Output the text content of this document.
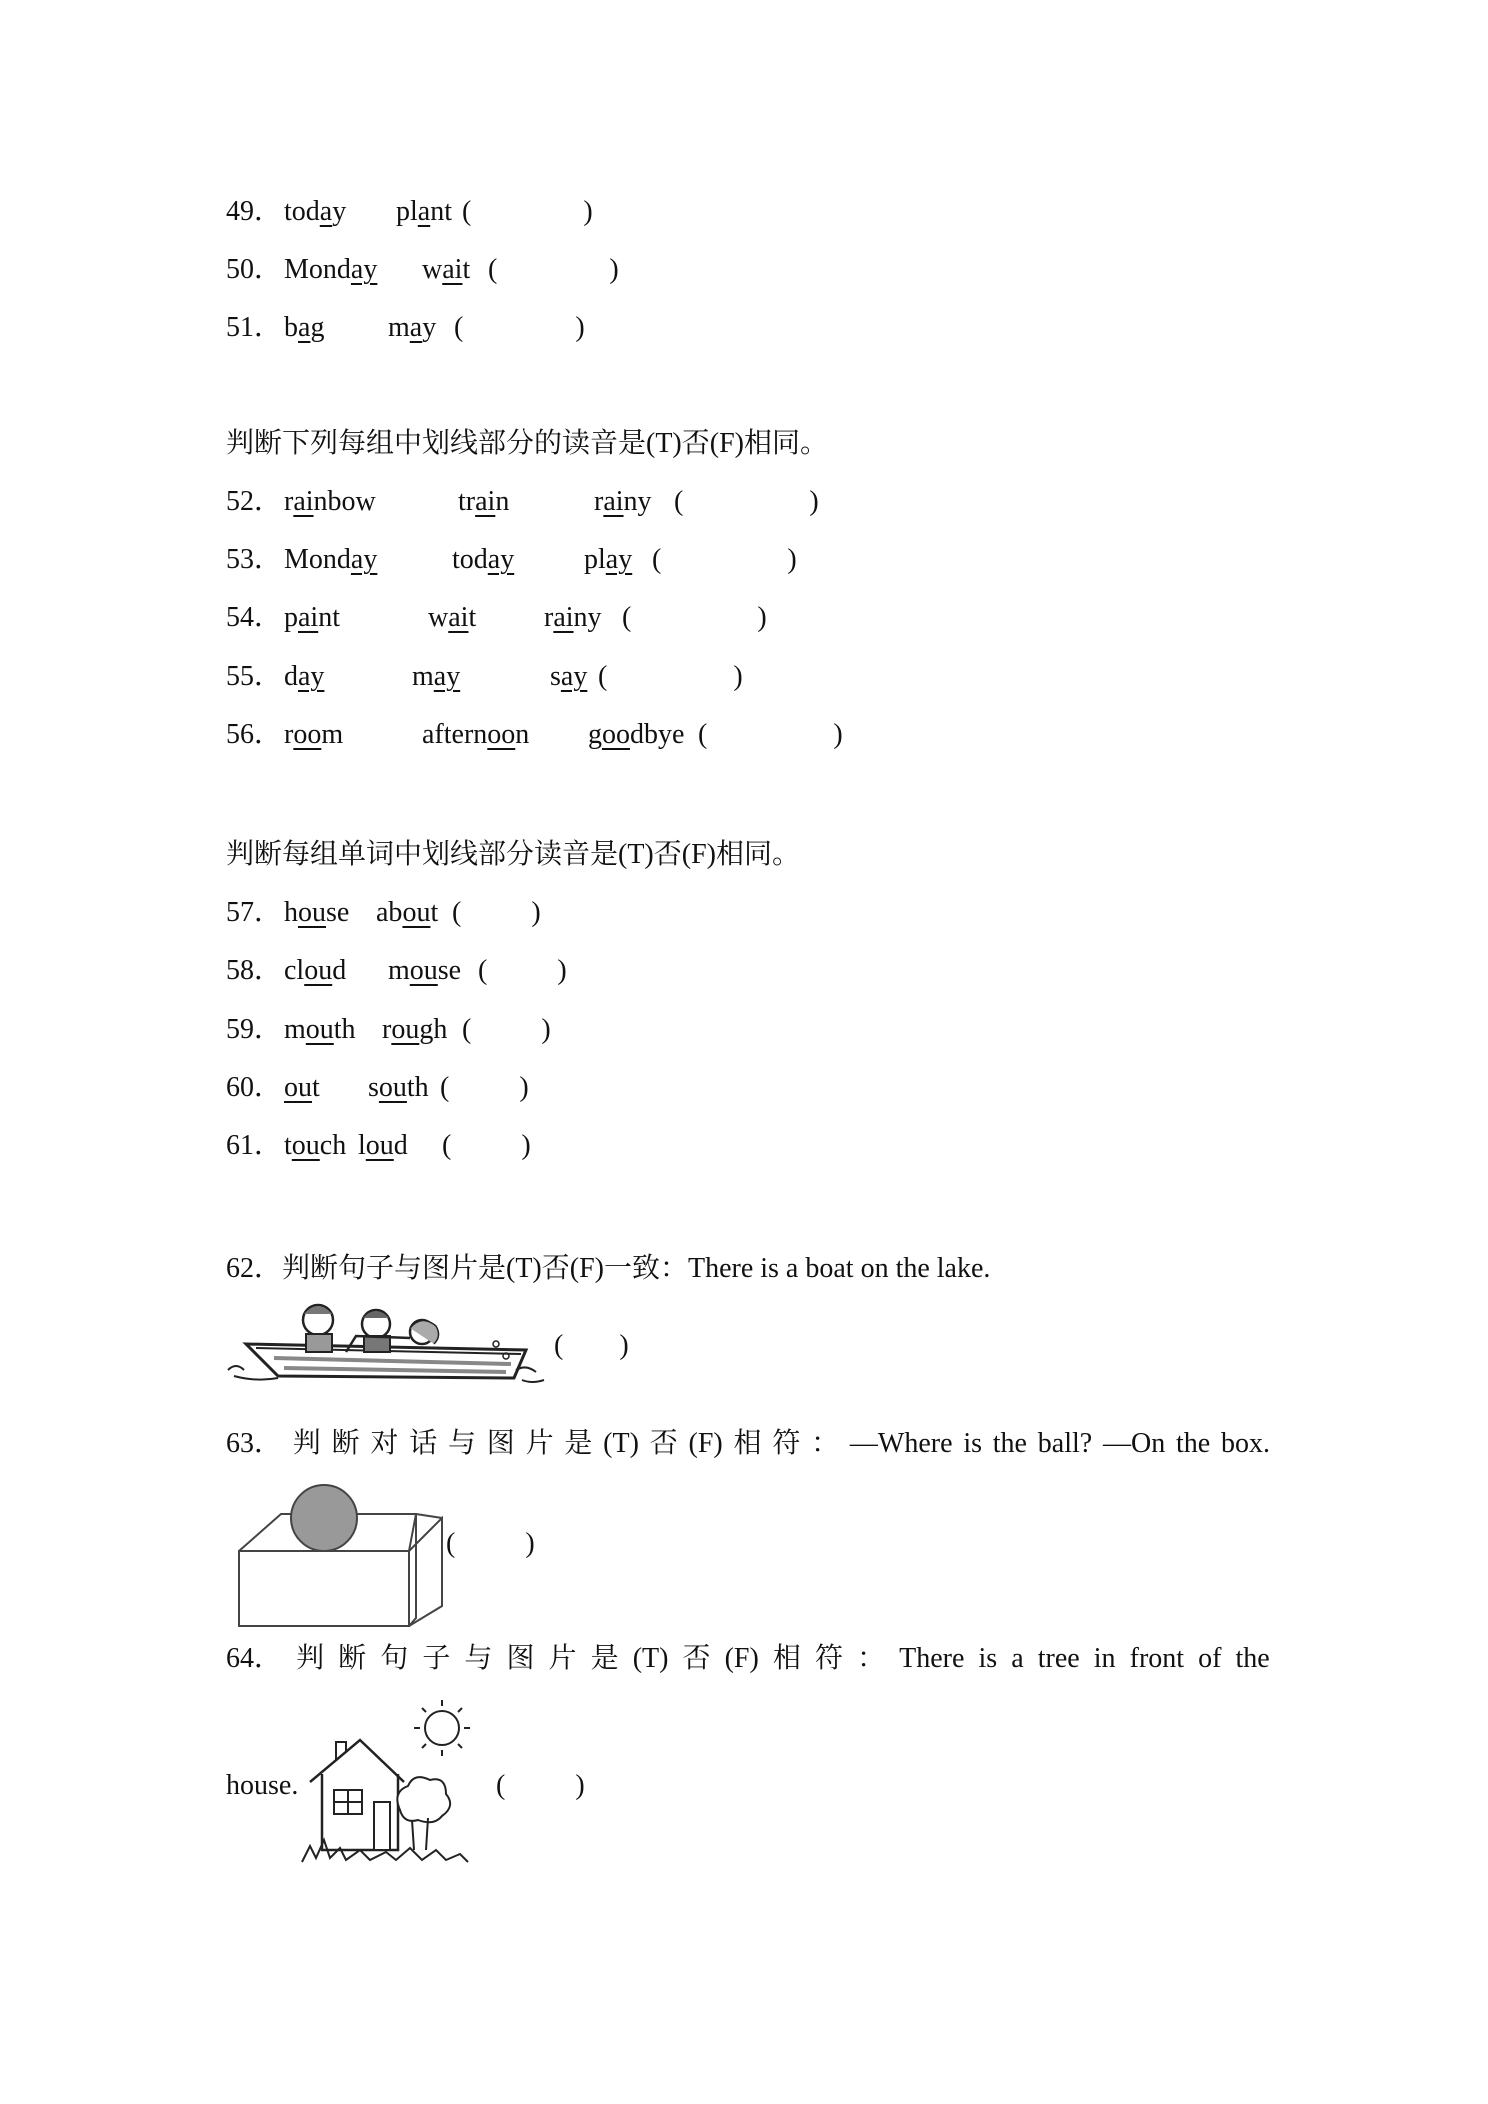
49． today plant (                )
50． Monday wait (                )
51． bag may (                )
判断下列每组中划线部分的读音是(T)否(F)相同。
52． rainbow	train	rainy (                  )
53． Monday	today play (                  )
54． paint	wait rainy (                  )
55． day	may	say (                  )
56． room	afternoon goodbye (                  )
判断每组单词中划线部分读音是(T)否(F)相同。
57． house about (          )
58． cloud mouse (          )
59． mouth rough (          )
60． out south (          )
61． touch loud (          )
62．判断句子与图片是(T)否(F)一致：There is a boat on the lake.
(        )
63． 判 断 对 话 与 图 片 是 (T) 否 (F) 相 符 ： —Where is the ball? —On the box.
(          )
64． 判 断 句 子 与 图 片 是 (T) 否 (F) 相 符 ： There is a tree in front of the
house.	(          )
